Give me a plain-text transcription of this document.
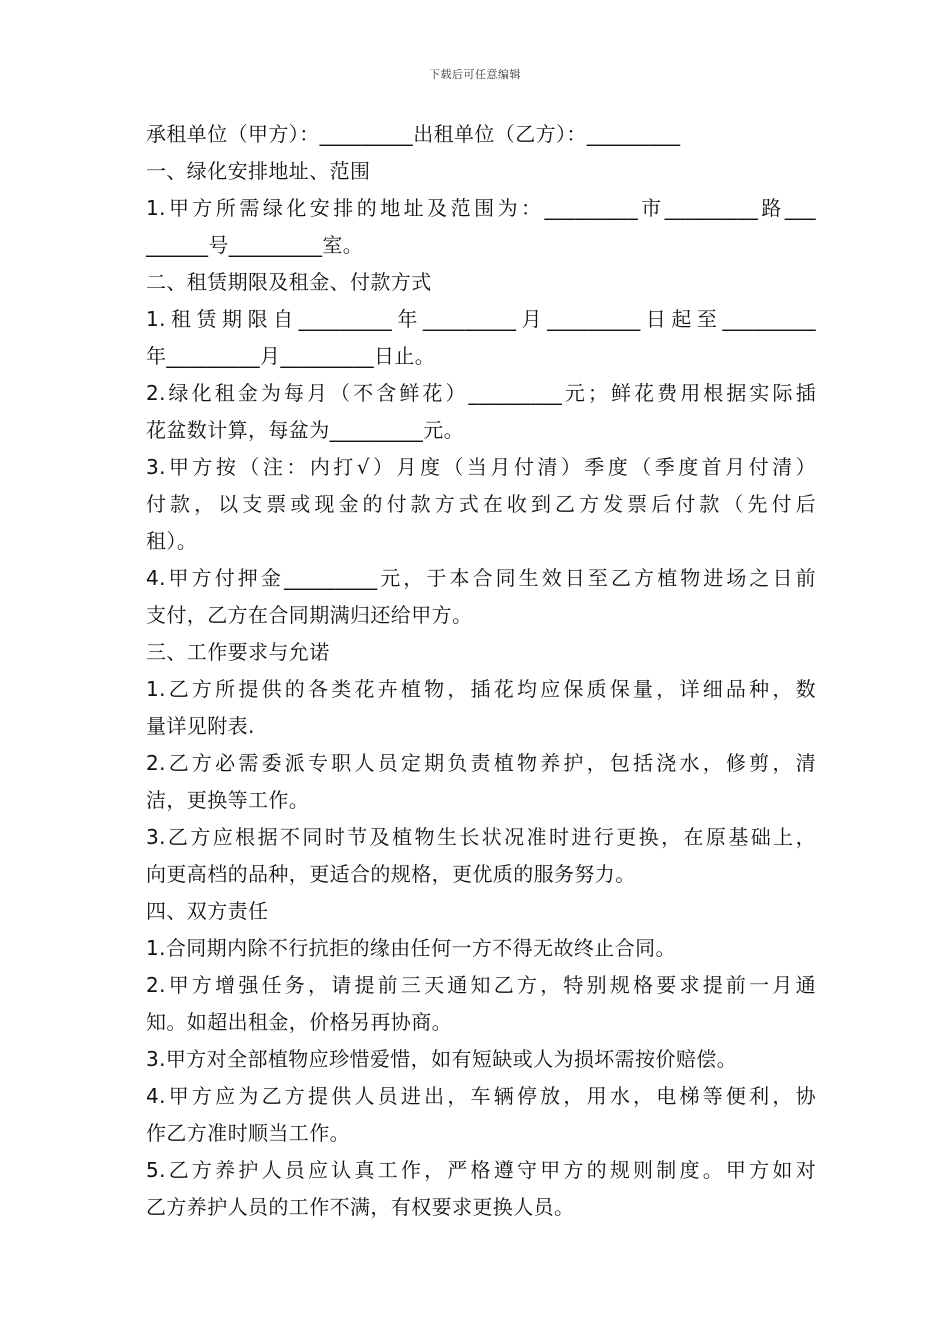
下载后可任意编辑
承租单位（甲方）：_________出租单位（乙方）：_________
一、绿化安排地址、范围
1.甲方所需绿化安排的地址及范围为：_________市_________路___
______号_________室。
二、租赁期限及租金、付款方式
1.租赁期限自_________年_________月_________日起至_________
年_________月_________日止。
2.绿化租金为每月（不含鲜花）_________元；鲜花费用根据实际插
花盆数计算，每盆为_________元。
3.甲方按（注：内打√）月度（当月付清）季度（季度首月付清）
付款，以支票或现金的付款方式在收到乙方发票后付款（先付后
租）。
4.甲方付押金_________元，于本合同生效日至乙方植物进场之日前
支付，乙方在合同期满归还给甲方。
三、工作要求与允诺
1.乙方所提供的各类花卉植物，插花均应保质保量，详细品种，数
量详见附表.
2.乙方必需委派专职人员定期负责植物养护，包括浇水，修剪，清
洁，更换等工作。
3.乙方应根据不同时节及植物生长状况准时进行更换，在原基础上，
向更高档的品种，更适合的规格，更优质的服务努力。
四、双方责任
1.合同期内除不行抗拒的缘由任何一方不得无故终止合同。
2.甲方增强任务，请提前三天通知乙方，特别规格要求提前一月通
知。如超出租金，价格另再协商。
3.甲方对全部植物应珍惜爱惜，如有短缺或人为损坏需按价赔偿。
4.甲方应为乙方提供人员进出，车辆停放，用水，电梯等便利，协
作乙方准时顺当工作。
5.乙方养护人员应认真工作，严格遵守甲方的规则制度。甲方如对
乙方养护人员的工作不满，有权要求更换人员。
